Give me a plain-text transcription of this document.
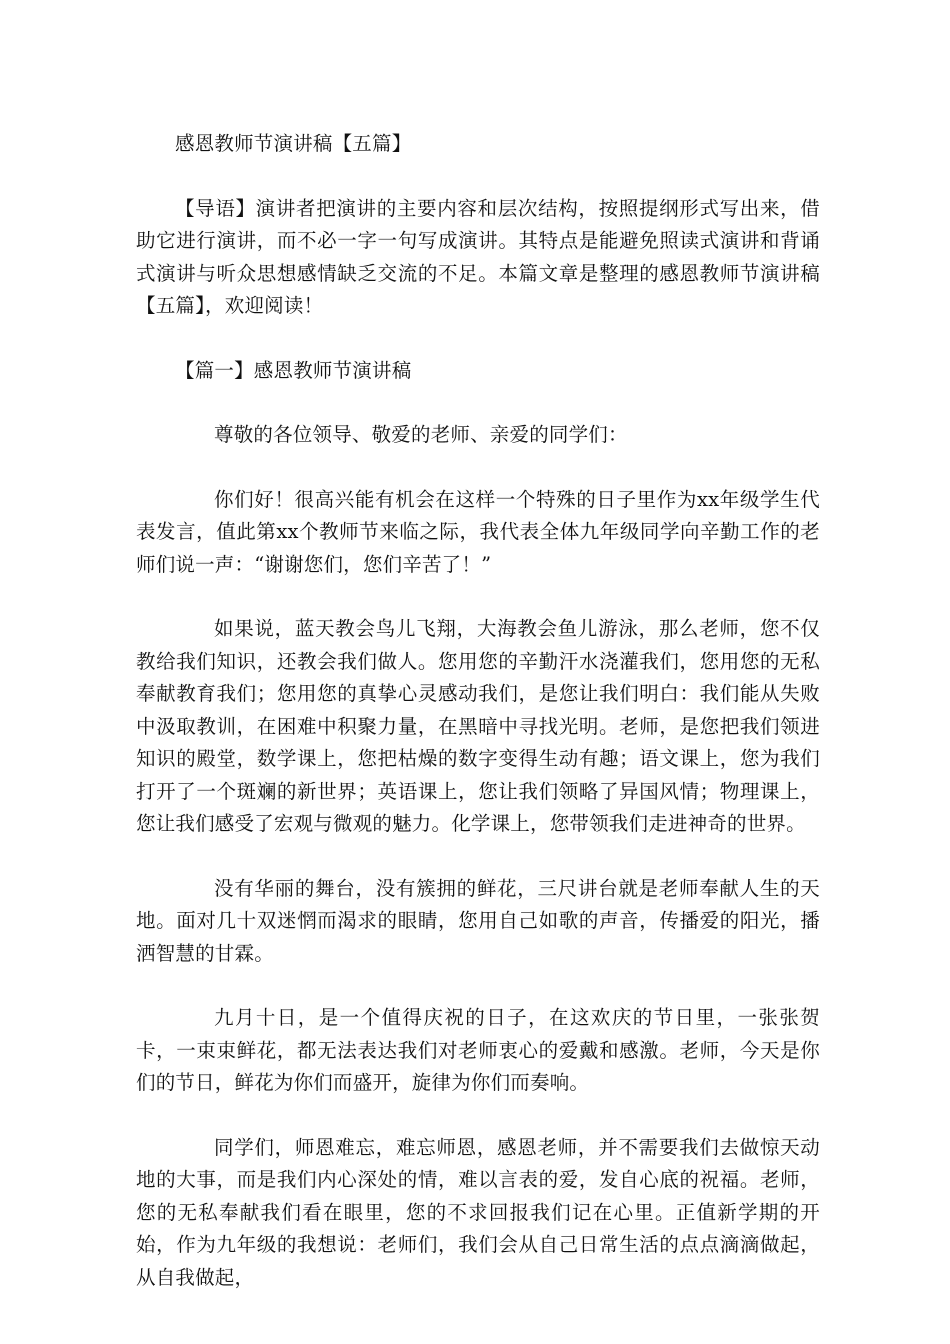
感恩教师节演讲稿【五篇】

【导语】演讲者把演讲的主要内容和层次结构，按照提纲形式写出来，借助它进行演讲，而不必一字一句写成演讲。其特点是能避免照读式演讲和背诵式演讲与听众思想感情缺乏交流的不足。本篇文章是整理的感恩教师节演讲稿【五篇】，欢迎阅读！

【篇一】感恩教师节演讲稿

尊敬的各位领导、敬爱的老师、亲爱的同学们：

你们好！很高兴能有机会在这样一个特殊的日子里作为xx年级学生代表发言，值此第xx个教师节来临之际，我代表全体九年级同学向辛勤工作的老师们说一声：“谢谢您们，您们辛苦了！”

如果说，蓝天教会鸟儿飞翔，大海教会鱼儿游泳，那么老师，您不仅教给我们知识，还教会我们做人。您用您的辛勤汗水浇灌我们，您用您的无私奉献教育我们；您用您的真挚心灵感动我们，是您让我们明白：我们能从失败中汲取教训，在困难中积聚力量，在黑暗中寻找光明。老师，是您把我们领进知识的殿堂，数学课上，您把枯燥的数字变得生动有趣；语文课上，您为我们打开了一个斑斓的新世界；英语课上，您让我们领略了异国风情；物理课上，您让我们感受了宏观与微观的魅力。化学课上，您带领我们走进神奇的世界。

没有华丽的舞台，没有簇拥的鲜花，三尺讲台就是老师奉献人生的天地。面对几十双迷惘而渴求的眼睛，您用自己如歌的声音，传播爱的阳光，播洒智慧的甘霖。

九月十日，是一个值得庆祝的日子，在这欢庆的节日里，一张张贺卡，一束束鲜花，都无法表达我们对老师衷心的爱戴和感激。老师，今天是你们的节日，鲜花为你们而盛开，旋律为你们而奏响。

同学们，师恩难忘，难忘师恩，感恩老师，并不需要我们去做惊天动地的大事，而是我们内心深处的情，难以言表的爱，发自心底的祝福。老师，您的无私奉献我们看在眼里，您的不求回报我们记在心里。正值新学期的开始，作为九年级的我想说：老师们，我们会从自己日常生活的点点滴滴做起，从自我做起，
